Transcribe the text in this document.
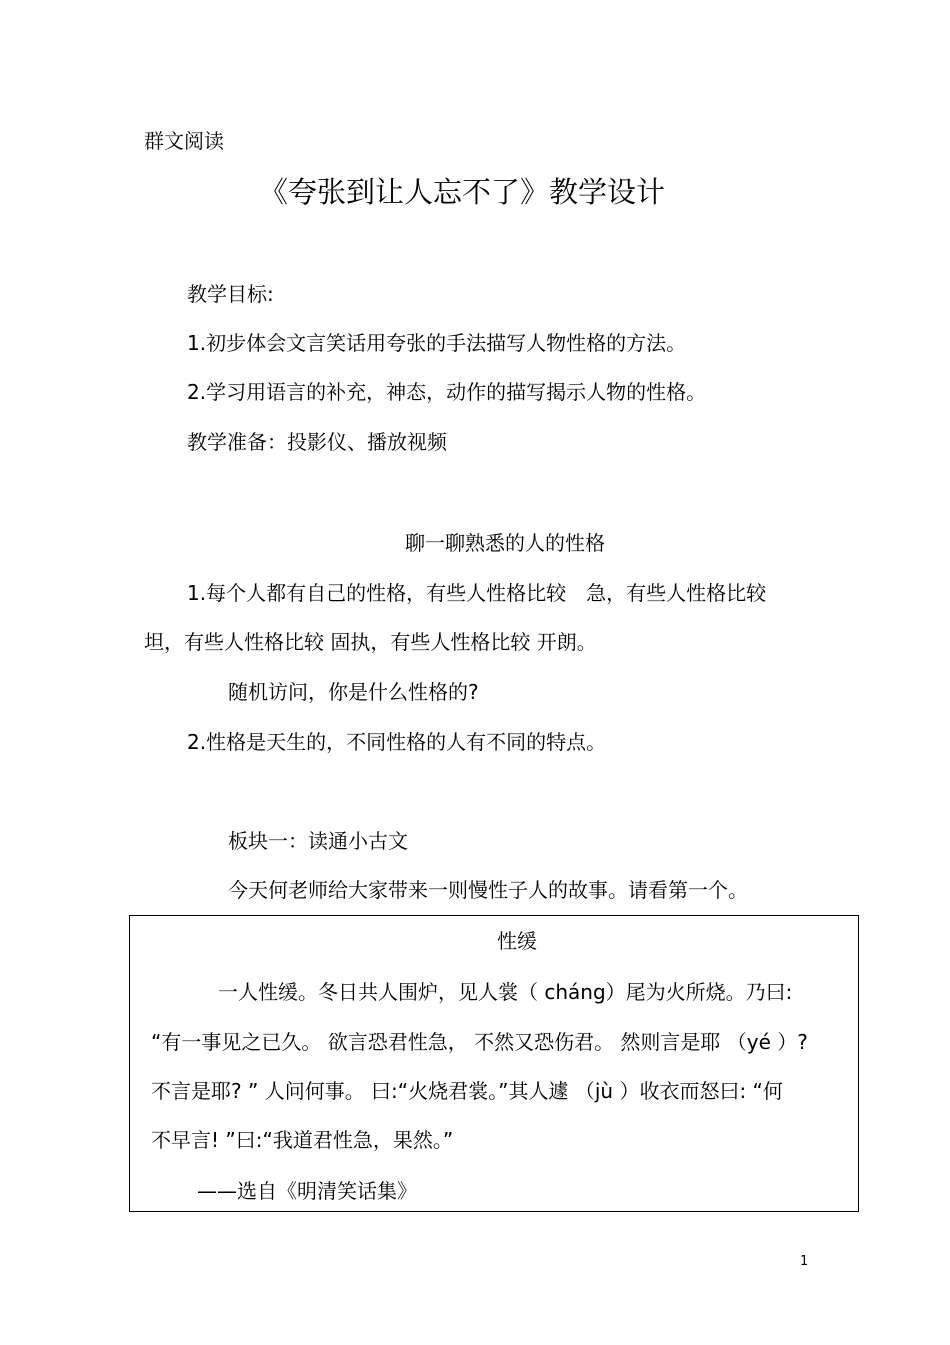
群文阅读
《夸张到让人忘不了》教学设计
教学目标:
1.初步体会文言笑话用夸张的手法描写人物性格的方法。
2.学习用语言的补充，神态，动作的描写揭示人物的性格。
教学准备：投影仪、播放视频
聊一聊熟悉的人的性格
1.每个人都有自己的性格，有些人性格比较　急，有些人性格比较
坦，有些人性格比较 固执，有些人性格比较 开朗。
随机访问，你是什么性格的?
2.性格是天生的，不同性格的人有不同的特点。
板块一：读通小古文
今天何老师给大家带来一则慢性子人的故事。请看第一个。
性缓
一人性缓。冬日共人围炉，见人裳（ cháng）尾为火所烧。乃曰:
“有一事见之已久。 欲言恐君性急， 不然又恐伤君。 然则言是耶 （yé ）?
不言是耶? ” 人问何事。 曰:“火烧君裳。”其人遽 （jù ）收衣而怒曰: “何
不早言! ”曰:“我道君性急，果然。”
——选自《明清笑话集》
1
